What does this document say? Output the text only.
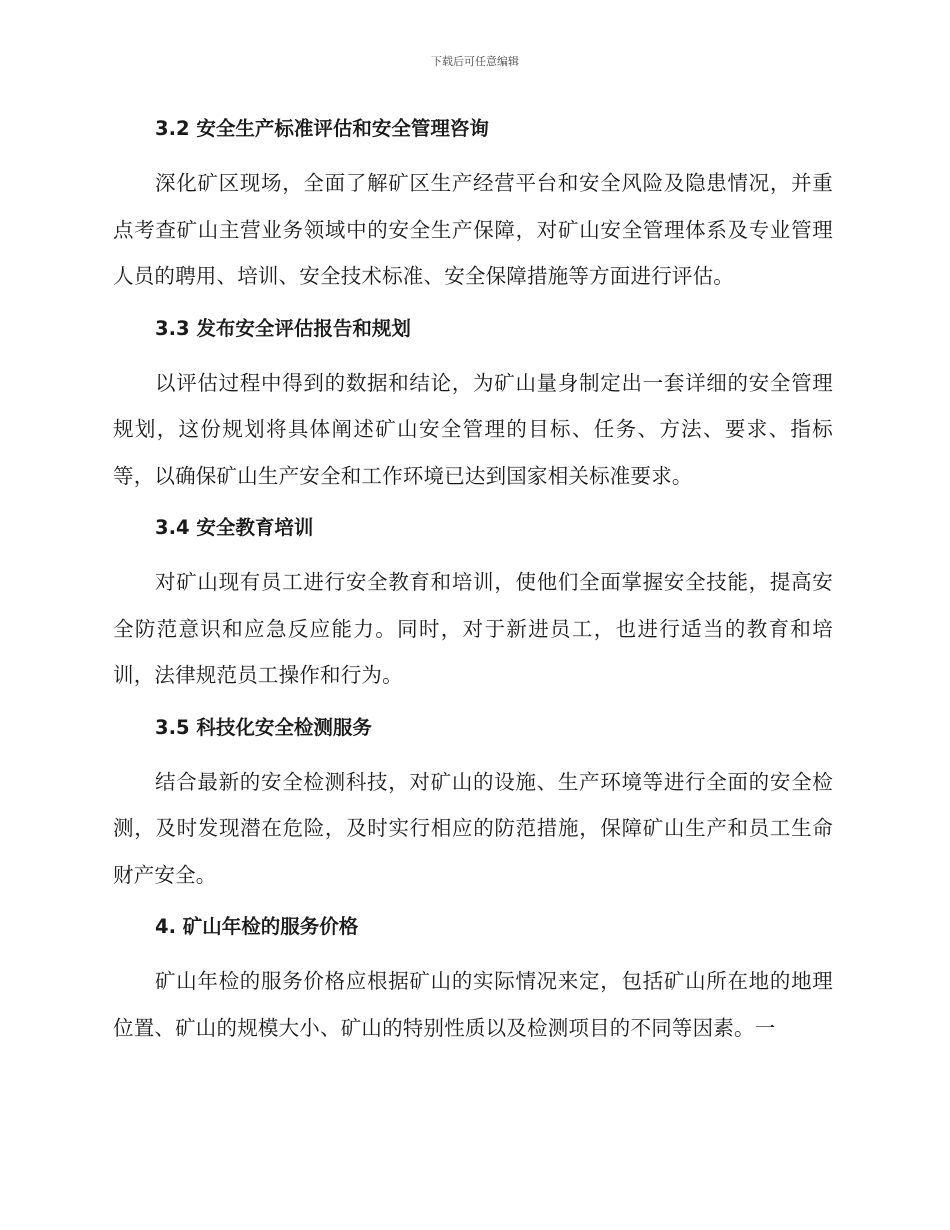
下载后可任意编辑
3.2 安全生产标准评估和安全管理咨询

深化矿区现场，全面了解矿区生产经营平台和安全风险及隐患情况，并重点考查矿山主营业务领域中的安全生产保障，对矿山安全管理体系及专业管理人员的聘用、培训、安全技术标准、安全保障措施等方面进行评估。

3.3 发布安全评估报告和规划

以评估过程中得到的数据和结论，为矿山量身制定出一套详细的安全管理规划，这份规划将具体阐述矿山安全管理的目标、任务、方法、要求、指标等，以确保矿山生产安全和工作环境已达到国家相关标准要求。

3.4 安全教育培训

对矿山现有员工进行安全教育和培训，使他们全面掌握安全技能，提高安全防范意识和应急反应能力。同时，对于新进员工，也进行适当的教育和培训，法律规范员工操作和行为。

3.5 科技化安全检测服务

结合最新的安全检测科技，对矿山的设施、生产环境等进行全面的安全检测，及时发现潜在危险，及时实行相应的防范措施，保障矿山生产和员工生命财产安全。

4. 矿山年检的服务价格

矿山年检的服务价格应根据矿山的实际情况来定，包括矿山所在地的地理位置、矿山的规模大小、矿山的特别性质以及检测项目的不同等因素。一
